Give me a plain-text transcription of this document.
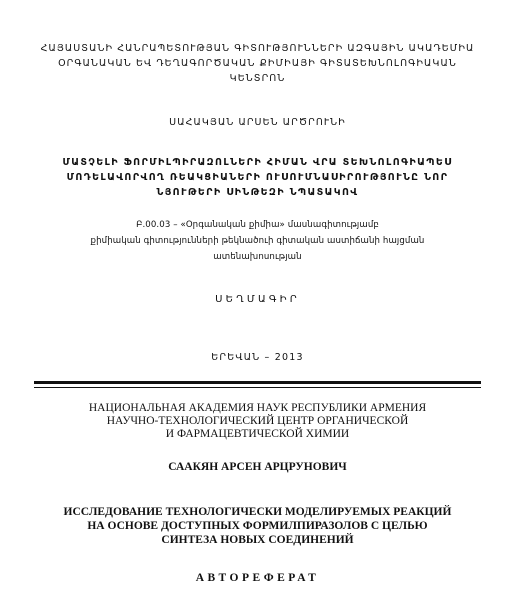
ՀԱՅԱՍՏԱՆԻ ՀԱՆՐԱՊԵՏՈՒԹՅԱՆ ԳԻՏՈՒԹՅՈՒՆՆԵՐԻ ԱԶԳԱՅԻՆ ԱԿԱԴԵՄԻԱ
ՕՐԳԱՆԱԿԱՆ ԵՎ ԴԵՂԱԳՈՐԾԱԿԱՆ ՔԻՄԻԱՅԻ ԳԻՏԱՏԵԽՆՈԼՈԳԻԱԿԱՆ
ԿԵՆՏՐՈՆ
ՍԱՀԱԿՅԱՆ ԱՐՍԵՆ ԱՐԾՐՈՒՆԻ
ՄԱՏՉԵԼԻ ՖՈՐՄԻԼՊԻՐԱԶՈԼՆԵՐԻ ՀԻՄԱՆ ՎՐԱ ՏԵԽՆՈԼՈԳԻԱՊԵՍ
ՄՈԴԵԼԱՎՈՐՎՈՂ ՌԵԱԿՑԻԱՆԵՐԻ ՈՒՍՈՒՄՆԱՍԻՐՈՒԹՅՈՒՆԸ ՆՈՐ
ՆՅՈՒԹԵՐԻ ՍԻՆԹԵԶԻ ՆՊԱՏԱԿՈՎ
Բ.00.03 – «Օրգանական քիմիա» մասնագիտությամբ
քիմիական գիտությունների թեկնածուի գիտական աստիճանի հայցման
ատենախոսության
ՍԵՂՄԱԳԻՐ
ԵՐԵՎԱՆ – 2013
НАЦИОНАЛЬНАЯ АКАДЕМИЯ НАУК РЕСПУБЛИКИ АРМЕНИЯ
НАУЧНО-ТЕХНОЛОГИЧЕСКИЙ ЦЕНТР ОРГАНИЧЕСКОЙ
И ФАРМАЦЕВТИЧЕСКОЙ ХИМИИ
СААКЯН АРСЕН АРЦРУНОВИЧ
ИССЛЕДОВАНИЕ ТЕХНОЛОГИЧЕСКИ МОДЕЛИРУЕМЫХ РЕАКЦИЙ
НА ОСНОВЕ ДОСТУПНЫХ ФОРМИЛПИРАЗОЛОВ С ЦЕЛЬЮ
СИНТЕЗА НОВЫХ СОЕДИНЕНИЙ
АВТОРЕФЕРАТ
